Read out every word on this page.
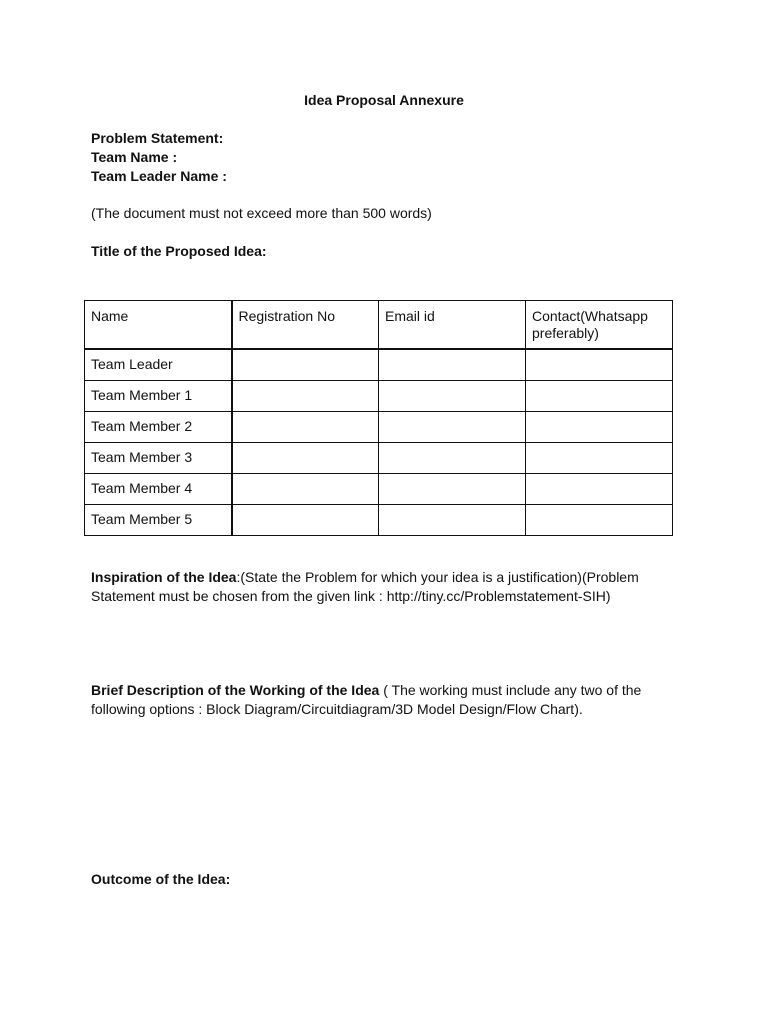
Idea Proposal Annexure
Problem Statement:
Team Name :
Team Leader Name :
(The document must not exceed more than 500 words)
Title of the Proposed Idea:
Name	Registration No	Email id	Contact(Whatsapp preferably)
Team Leader			
Team Member 1			
Team Member 2			
Team Member 3			
Team Member 4			
Team Member 5			
Inspiration of the Idea:(State the Problem for which your idea is a justification)(Problem Statement must be chosen from the given link : http://tiny.cc/Problemstatement-SIH)
Brief Description of the Working of the Idea ( The working must include any two of the following options : Block Diagram/Circuitdiagram/3D Model Design/Flow Chart).
Outcome of the Idea:
